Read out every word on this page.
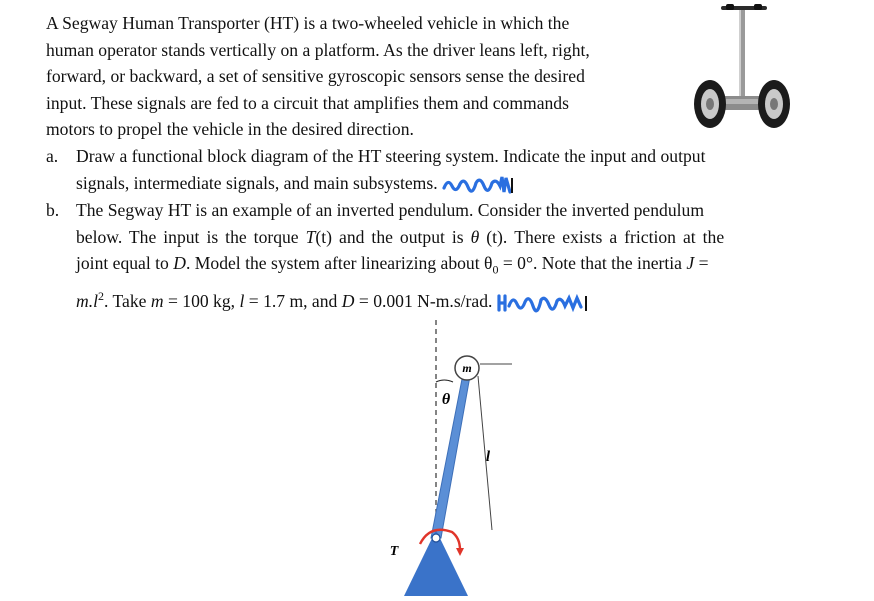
A Segway Human Transporter (HT) is a two-wheeled vehicle in which the
human operator stands vertically on a platform. As the driver leans left, right,
forward, or backward, a set of sensitive gyroscopic sensors sense the desired
input. These signals are fed to a circuit that amplifies them and commands
motors to propel the vehicle in the desired direction.
a. Draw a functional block diagram of the HT steering system. Indicate the input and output
signals, intermediate signals, and main subsystems.
b. The Segway HT is an example of an inverted pendulum. Consider the inverted pendulum
below. The input is the torque T(t) and the output is θ (t). There exists a friction at the
joint equal to D. Model the system after linearizing about $\theta_0 = 0^\circ$. Note that the inertia J =
$m.l^2$. Take m = 100 kg, l = 1.7 m, and D = 0.001 N-m.s/rad.
m
θ
l
T
